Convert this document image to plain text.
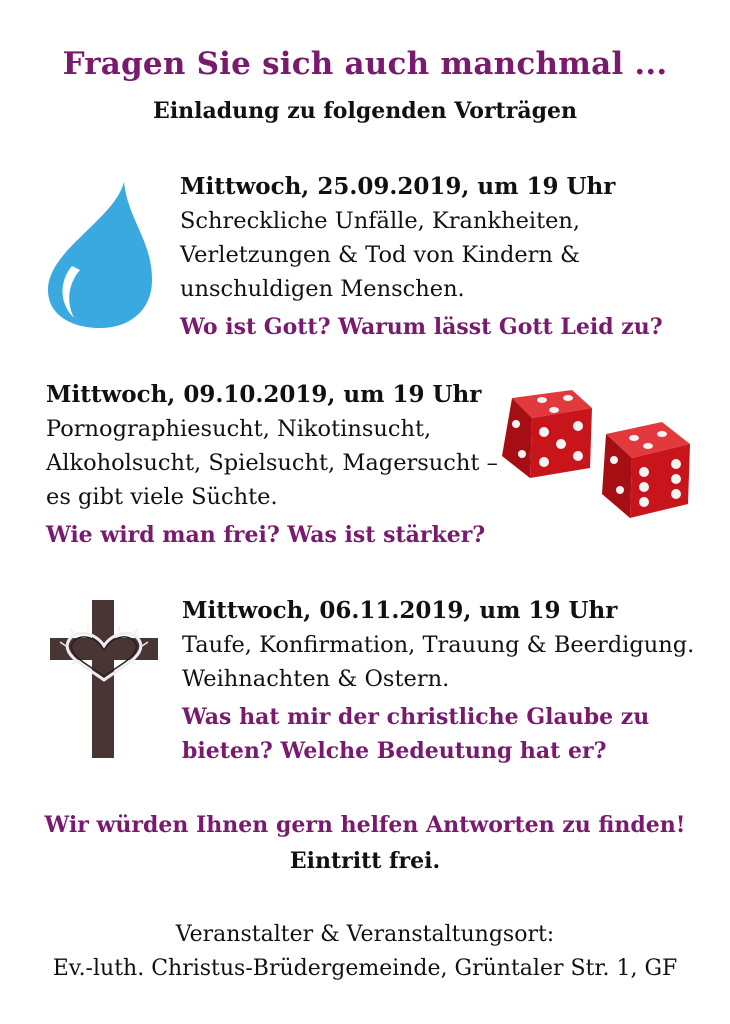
Fragen Sie sich auch manchmal ...
Einladung zu folgenden Vorträgen
Mittwoch, 25.09.2019, um 19 Uhr
Schreckliche Unfälle, Krankheiten,
Verletzungen & Tod von Kindern &
unschuldigen Menschen.
Wo ist Gott? Warum lässt Gott Leid zu?
Mittwoch, 09.10.2019, um 19 Uhr
Pornographiesucht, Nikotinsucht,
Alkoholsucht, Spielsucht, Magersucht –
es gibt viele Süchte.
Wie wird man frei? Was ist stärker?
Mittwoch, 06.11.2019, um 19 Uhr
Taufe, Konfirmation, Trauung & Beerdigung.
Weihnachten & Ostern.
Was hat mir der christliche Glaube zu
bieten? Welche Bedeutung hat er?
Wir würden Ihnen gern helfen Antworten zu finden!
Eintritt frei.
Veranstalter & Veranstaltungsort:
Ev.-luth. Christus-Brüdergemeinde, Grüntaler Str. 1, GF
